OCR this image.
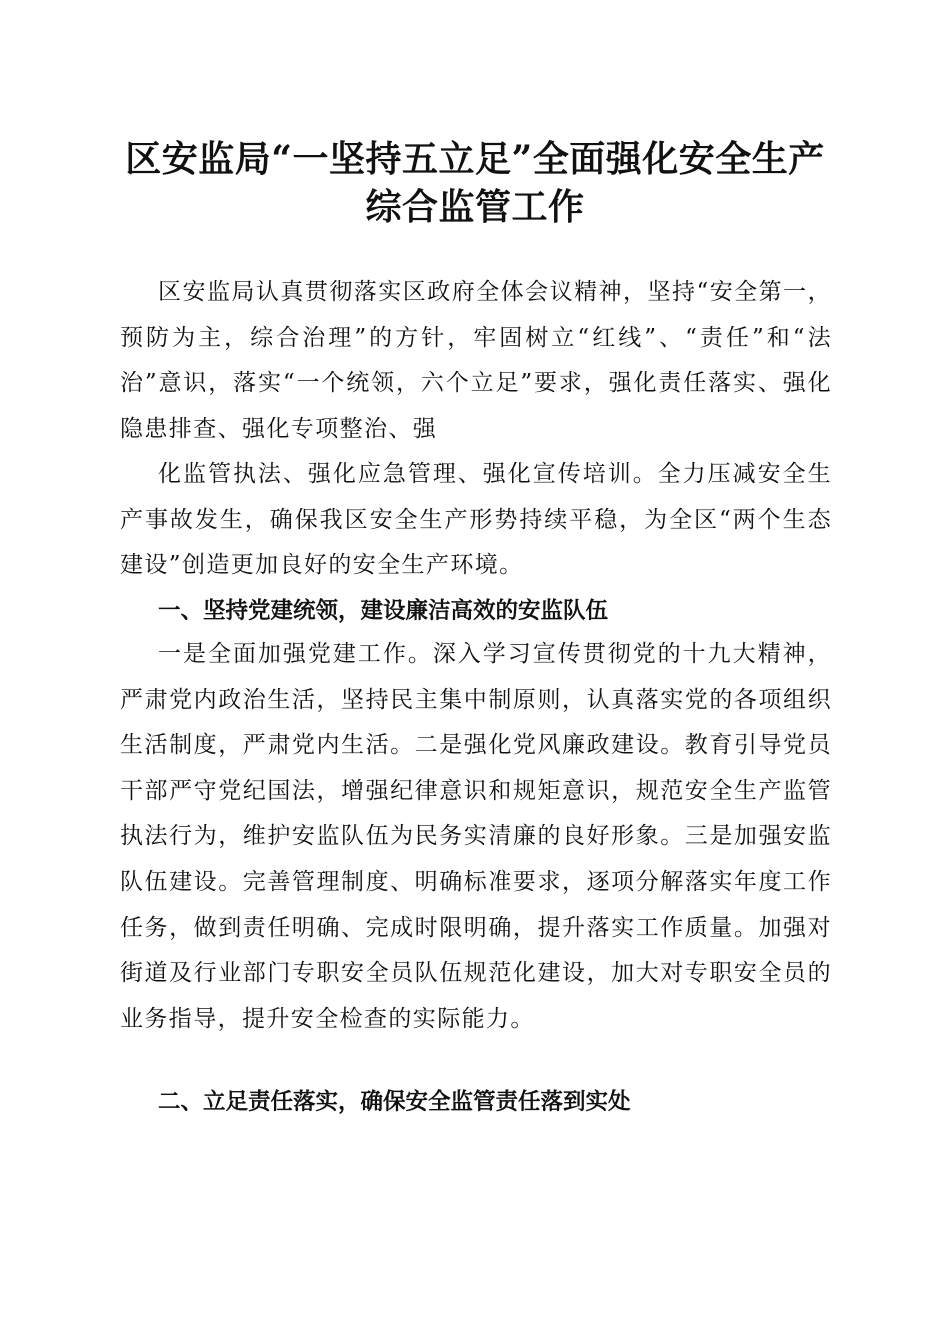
区安监局“一坚持五立足”全面强化安全生产
综合监管工作

区安监局认真贯彻落实区政府全体会议精神，坚持“安全第一，预防为主，综合治理”的方针，牢固树立“红线”、“责任”和“法治”意识，落实“一个统领，六个立足”要求，强化责任落实、强化隐患排查、强化专项整治、强

化监管执法、强化应急管理、强化宣传培训。全力压减安全生产事故发生，确保我区安全生产形势持续平稳，为全区“两个生态建设”创造更加良好的安全生产环境。

一、坚持党建统领，建设廉洁高效的安监队伍

一是全面加强党建工作。深入学习宣传贯彻党的十九大精神，严肃党内政治生活，坚持民主集中制原则，认真落实党的各项组织生活制度，严肃党内生活。二是强化党风廉政建设。教育引导党员干部严守党纪国法，增强纪律意识和规矩意识，规范安全生产监管执法行为，维护安监队伍为民务实清廉的良好形象。三是加强安监队伍建设。完善管理制度、明确标准要求，逐项分解落实年度工作任务，做到责任明确、完成时限明确，提升落实工作质量。加强对街道及行业部门专职安全员队伍规范化建设，加大对专职安全员的业务指导，提升安全检查的实际能力。

二、立足责任落实，确保安全监管责任落到实处
